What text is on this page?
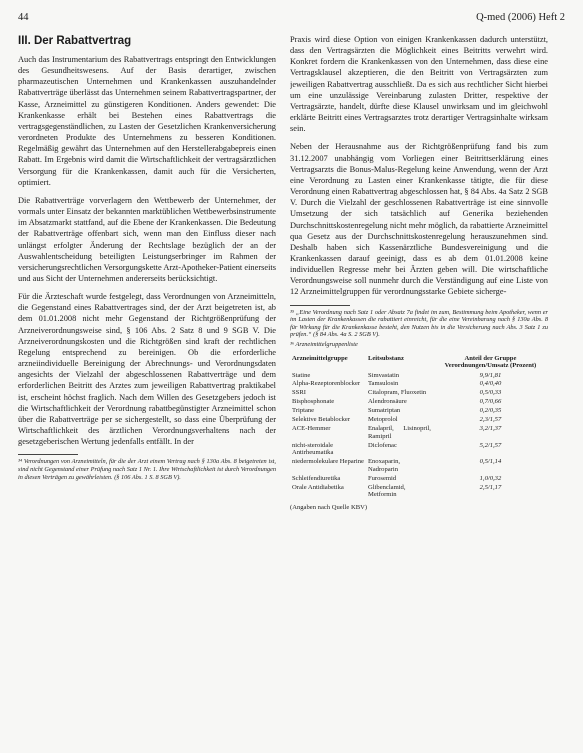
44	Q-med (2006) Heft 2
III. Der Rabattvertrag

Auch das Instrumentarium des Rabattvertrags entspringt den Entwicklungen des Gesundheitswesens. Auf der Basis derartiger, zwischen pharmazeutischen Unternehmen und Krankenkassen auszuhandelnder Rabattverträge überlässt das Unternehmen seinem Rabattvertragspartner, der Kasse, Arzneimittel zu günstigeren Konditionen. Anders gewendet: Die Krankenkasse erhält bei Bestehen eines Rabattvertrags die vertragsgegenständlichen, zu Lasten der Gesetzlichen Krankenversicherung verordneten Produkte des Unternehmens zu besseren Konditionen. Regelmäßig gewährt das Unternehmen auf den Herstellerabgabepreis einen Rabatt. Im Ergebnis wird damit die Wirtschaftlichkeit der vertragsärztlichen Versorgung für die Krankenkassen, damit auch für die Versicherten, optimiert.

Die Rabattverträge vorverlagern den Wettbewerb der Unternehmer, der vormals unter Einsatz der bekannten marktüblichen Wettbewerbsinstrumente im Absatzmarkt stattfand, auf die Ebene der Krankenkassen. Die Bedeutung der Rabattverträge offenbart sich, wenn man den Einfluss dieser nach unlängst erfolgter Änderung der Rechtslage bezüglich der an der Auswahlentscheidung beteiligten Leistungserbringer im Rahmen der versicherungsrechtlichen Versorgungskette Arzt-Apotheker-Patient einerseits und aus Sicht der Unternehmen andererseits berücksichtigt.

Für die Ärzteschaft wurde festgelegt, dass Verordnungen von Arzneimitteln, die Gegenstand eines Rabattvertrages sind, der der Arzt beigetreten ist, ab dem 01.01.2008 nicht mehr Gegenstand der Richtgrößenprüfung der Arzneiverordnungsweise sind, § 106 Abs. 2 Satz 8 und 9 SGB V. Die Arzneiverordnungskosten und die Richtgrößen sind kraft der rechtlichen Regelung entsprechend zu bereinigen. Ob die erforderliche arzneiindividuelle Bereinigung der Abrechnungs- und Verordnungsdaten angesichts der Vielzahl der abgeschlossenen Rabattverträge und dem erforderlichen Beitritt des Arztes zum jeweiligen Rabattvertrag praktikabel ist, erscheint höchst fraglich. Nach dem Willen des Gesetzgebers jedoch ist die Wirtschaftlichkeit der Verordnung rabattbegünstigter Arzneimittel schon über die Rabattverträge per se sichergestellt, so dass eine Überprüfung der Wirtschaftlichkeit des ärztlichen Verordnungsverhaltens nach der gesetzgeberischen Wertung jedenfalls entfällt. In der

³⁴ Verordnungen von Arzneimitteln, für die der Arzt einem Vertrag nach § 130a Abs. 8 beigetreten ist, sind nicht Gegenstand einer Prüfung nach Satz 1 Nr. 1. Ihre Wirtschaftlichkeit ist durch Verordnungen in diesen Verträgen zu gewährleisten. (§ 106 Abs. 1 S. 8 SGB V).

Praxis wird diese Option von einigen Krankenkassen dadurch unterstützt, dass den Vertragsärzten die Möglichkeit eines Beitritts verwehrt wird. Konkret fordern die Krankenkassen von den Unternehmen, dass diese eine Vertragsklausel akzeptieren, die den Beitritt von Vertragsärzten zum jeweiligen Rabattvertrag ausschließt. Da es sich aus rechtlicher Sicht hierbei um eine unzulässige Vereinbarung zulasten Dritter, respektive der Vertragsärzte, handelt, dürfte diese Klausel unwirksam und im gleichwohl erklärte Beitritt eines Vertragsarztes trotz derartiger Vertragsinhalte wirksam sein.

Neben der Herausnahme aus der Richtgrößenprüfung fand bis zum 31.12.2007 unabhängig vom Vorliegen einer Beitrittserklärung eines Vertragsarzts die Bonus-Malus-Regelung keine Anwendung, wenn der Arzt eine Verordnung zu Lasten einer Krankenkasse tätigte, die für diese Verordnung einen Rabattvertrag abgeschlossen hat, § 84 Abs. 4a Satz 2 SGB V. Durch die Vielzahl der geschlossenen Rabattverträge ist eine sinnvolle Umsetzung der sich tatsächlich auf Generika beziehenden Durchschnittskostenregelung nicht mehr möglich, da rabattierte Arzneimittel qua Gesetz aus der Durchschnittskostenregelung herauszunehmen sind. Deshalb haben sich Kassenärztliche Bundesvereinigung und die Krankenkassen darauf geeinigt, dass es ab dem 01.01.2008 keine individuellen Regresse mehr bei Ärzten geben will. Die wirtschaftliche Verordnungsweise soll nunmehr durch die Verständigung auf eine Liste von 12 Arzneimittelgruppen für verordnungsstarke Gebiete sicherge-

³⁵ „Eine Verordnung nach Satz 1 oder Absatz 7a findet im zum, Bestimmung beim Apotheker, wenn er im Lasten der Krankenkassen die rabattiert einreicht, für die eine Vereinbarung nach § 130a Abs. 8 für Wirkung für die Krankenkasse besteht, den Nutzen bis in die Versicherung nach Abs. 3 Satz 1 zu prüfen.“ (§ 84 Abs. 4a S. 2 SGB V).
³⁶ Arzneimittelgruppenliste
Arzneimittelgruppe	Leitsubstanz	Anteil der Gruppe Verordnungen/Umsatz (Prozent)
Statine	Simvastatin	9,9/1,81
Alpha-Rezeptorenblocker	Tamsulosin	0,4/0,40
SSRI	Citalopram, Fluoxetin	0,5/0,33
Bisphosphonate	Alendronsäure	0,7/0,66
Triptane	Sumatriptan	0,2/0,35
Selektive Betablocker	Metoprolol	2,3/1,57
ACE-Hemmer	Enalapril, Lisinopril, Ramipril	3,2/1,37
nicht-steroidale Antirheumatika	Diclofenac	5,2/1,57
niedermolekulare Heparine	Enoxaparin, Nadroparin	0,5/1,14
Schleifendiuretika	Furosemid	1,0/0,32
Orale Antidiabetika	Glibenclamid, Metformin	2,5/1,17
(Angaben nach Quelle KBV)
